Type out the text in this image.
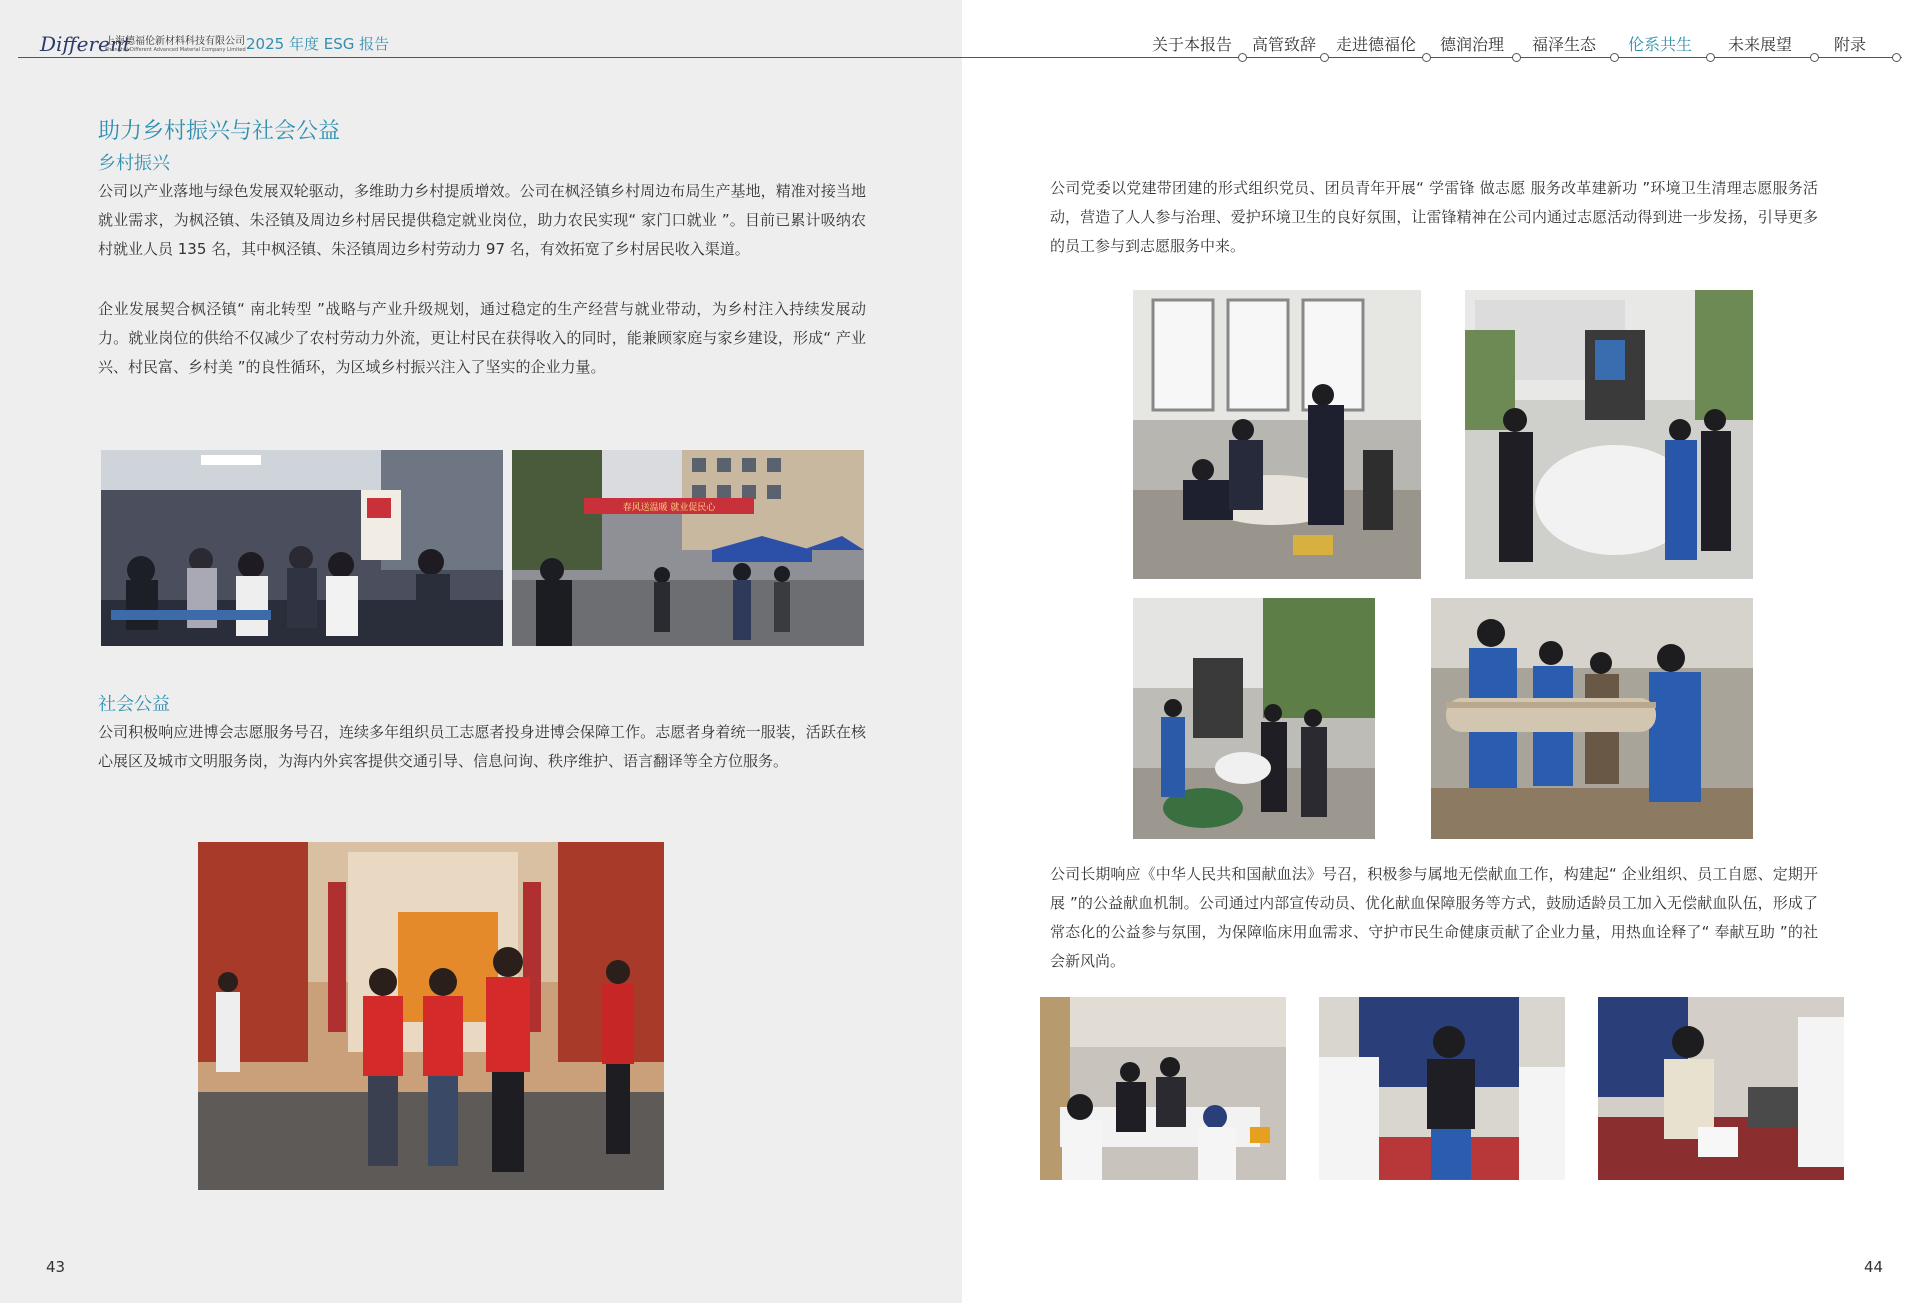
Different
上海德福伦新材料科技有限公司
Shanghai Different Advanced Material Company Limited 2025 年度 ESG 报告
助力乡村振兴与社会公益
乡村振兴
公司以产业落地与绿色发展双轮驱动，多维助力乡村提质增效。公司在枫泾镇乡村周边布局生产基地，精准对接当地就业需求，为枫泾镇、朱泾镇及周边乡村居民提供稳定就业岗位，助力农民实现“ 家门口就业 ”。目前已累计吸纳农村就业人员 135 名，其中枫泾镇、朱泾镇周边乡村劳动力 97 名，有效拓宽了乡村居民收入渠道。
企业发展契合枫泾镇“ 南北转型 ”战略与产业升级规划，通过稳定的生产经营与就业带动，为乡村注入持续发展动力。就业岗位的供给不仅减少了农村劳动力外流，更让村民在获得收入的同时，能兼顾家庭与家乡建设，形成“ 产业兴、村民富、乡村美 ”的良性循环，为区域乡村振兴注入了坚实的企业力量。
春风送温暖 就业促民心
社会公益
公司积极响应进博会志愿服务号召，连续多年组织员工志愿者投身进博会保障工作。志愿者身着统一服装，活跃在核心展区及城市文明服务岗，为海内外宾客提供交通引导、信息问询、秩序维护、语言翻译等全方位服务。
43
关于本报告 高管致辞 走进德福伦 德润治理 福泽生态 伦系共生 未来展望	附录
公司党委以党建带团建的形式组织党员、团员青年开展“ 学雷锋 做志愿 服务改革建新功 ”环境卫生清理志愿服务活动，营造了人人参与治理、爱护环境卫生的良好氛围，让雷锋精神在公司内通过志愿活动得到进一步发扬，引导更多的员工参与到志愿服务中来。
公司长期响应《中华人民共和国献血法》号召，积极参与属地无偿献血工作，构建起“ 企业组织、员工自愿、定期开展 ”的公益献血机制。公司通过内部宣传动员、优化献血保障服务等方式，鼓励适龄员工加入无偿献血队伍，形成了常态化的公益参与氛围，为保障临床用血需求、守护市民生命健康贡献了企业力量，用热血诠释了“ 奉献互助 ”的社会新风尚。
44
